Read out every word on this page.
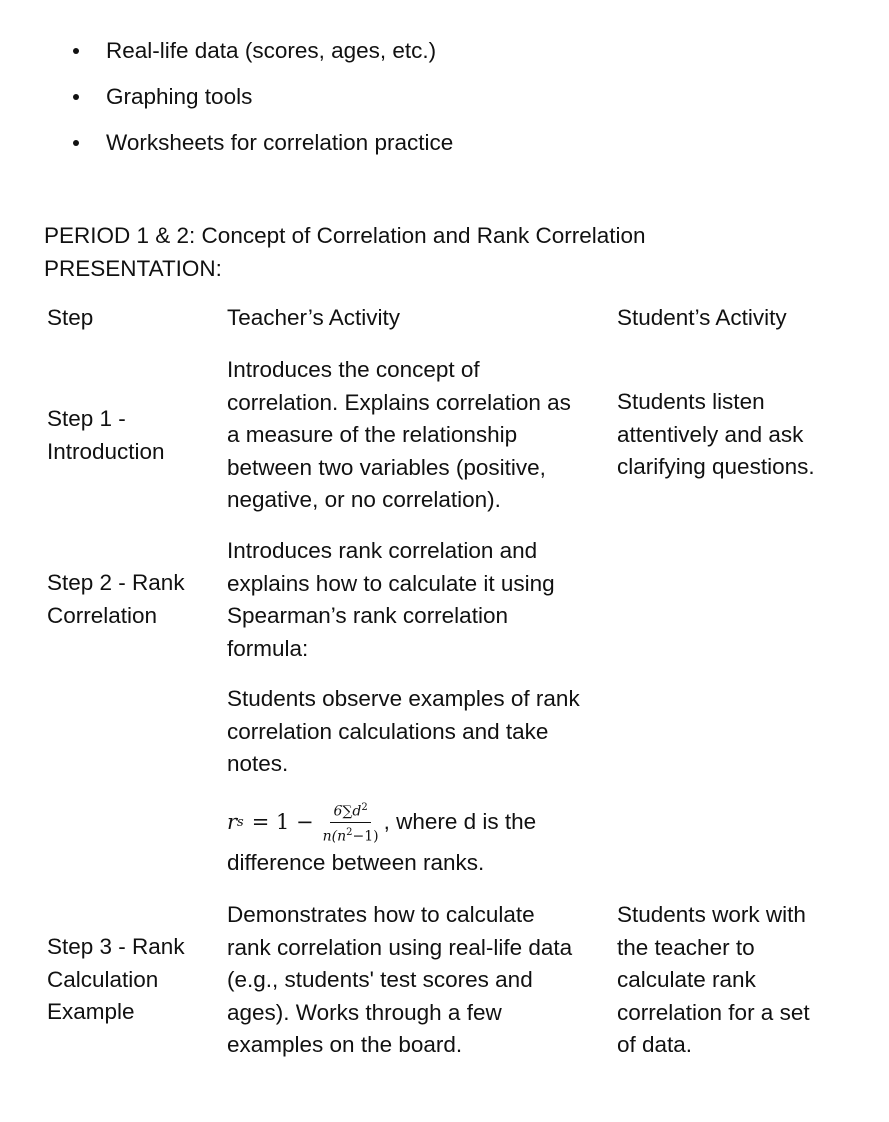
Real-life data (scores, ages, etc.)
Graphing tools
Worksheets for correlation practice
PERIOD 1 & 2: Concept of Correlation and Rank Correlation
PRESENTATION:
Step	Teacher’s Activity	Student’s Activity
Step 1 -
Introduction
Introduces the concept of
correlation. Explains correlation as
a measure of the relationship
between two variables (positive,
negative, or no correlation).
Students listen
attentively and ask
clarifying questions.
Step 2 - Rank
Correlation
Introduces rank correlation and
explains how to calculate it using
Spearman’s rank correlation
formula:
Students observe examples of rank
correlation calculations and take
notes.
r $s = 1 - \frac{6\sum d^2}{n(n^2-1)}$ , where d is the
difference between ranks.
Step 3 - Rank
Calculation
Example
Demonstrates how to calculate
rank correlation using real-life data
(e.g., students' test scores and
ages). Works through a few
examples on the board.
Students work with
the teacher to
calculate rank
correlation for a set
of data.
